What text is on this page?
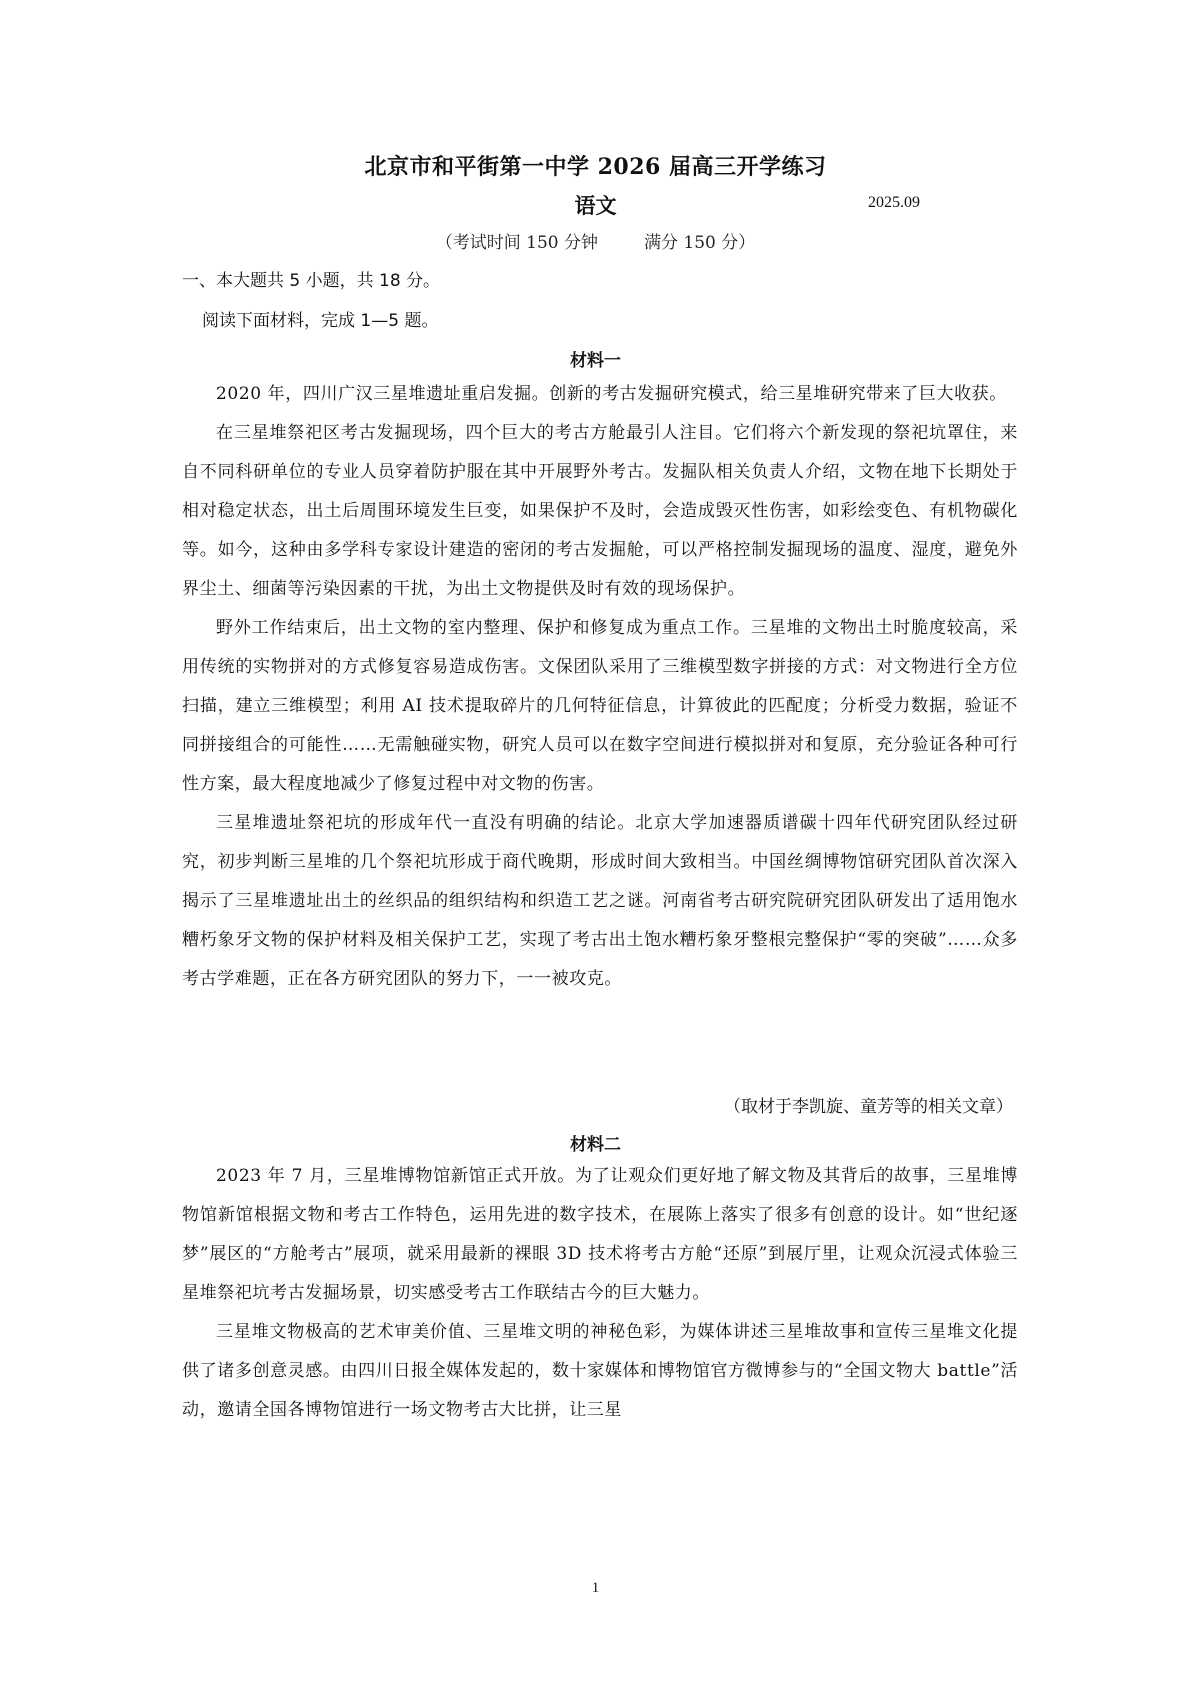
北京市和平街第一中学 2026 届高三开学练习
语文	2025.09
（考试时间 150 分钟	满分 150 分）
一、本大题共 5 小题，共 18 分。
阅读下面材料，完成 1—5 题。
材料一

2020 年，四川广汉三星堆遗址重启发掘。创新的考古发掘研究模式，给三星堆研究带来了巨大收获。

在三星堆祭祀区考古发掘现场，四个巨大的考古方舱最引人注目。它们将六个新发现的祭祀坑罩住，来自不同科研单位的专业人员穿着防护服在其中开展野外考古。发掘队相关负责人介绍，文物在地下长期处于相对稳定状态，出土后周围环境发生巨变，如果保护不及时，会造成毁灭性伤害，如彩绘变色、有机物碳化等。如今，这种由多学科专家设计建造的密闭的考古发掘舱，可以严格控制发掘现场的温度、湿度，避免外界尘土、细菌等污染因素的干扰，为出土文物提供及时有效的现场保护。

野外工作结束后，出土文物的室内整理、保护和修复成为重点工作。三星堆的文物出土时脆度较高，采用传统的实物拼对的方式修复容易造成伤害。文保团队采用了三维模型数字拼接的方式：对文物进行全方位扫描，建立三维模型；利用 AI 技术提取碎片的几何特征信息，计算彼此的匹配度；分析受力数据，验证不同拼接组合的可能性……无需触碰实物，研究人员可以在数字空间进行模拟拼对和复原，充分验证各种可行性方案，最大程度地减少了修复过程中对文物的伤害。

三星堆遗址祭祀坑的形成年代一直没有明确的结论。北京大学加速器质谱碳十四年代研究团队经过研究，初步判断三星堆的几个祭祀坑形成于商代晚期，形成时间大致相当。中国丝绸博物馆研究团队首次深入揭示了三星堆遗址出土的丝织品的组织结构和织造工艺之谜。河南省考古研究院研究团队研发出了适用饱水糟朽象牙文物的保护材料及相关保护工艺，实现了考古出土饱水糟朽象牙整根完整保护“零的突破”……众多考古学难题，正在各方研究团队的努力下，一一被攻克。

（取材于李凯旋、童芳等的相关文章）
材料二

2023 年 7 月，三星堆博物馆新馆正式开放。为了让观众们更好地了解文物及其背后的故事，三星堆博物馆新馆根据文物和考古工作特色，运用先进的数字技术，在展陈上落实了很多有创意的设计。如“世纪逐梦”展区的“方舱考古”展项，就采用最新的裸眼 3D 技术将考古方舱“还原”到展厅里，让观众沉浸式体验三星堆祭祀坑考古发掘场景，切实感受考古工作联结古今的巨大魅力。

三星堆文物极高的艺术审美价值、三星堆文明的神秘色彩，为媒体讲述三星堆故事和宣传三星堆文化提供了诸多创意灵感。由四川日报全媒体发起的，数十家媒体和博物馆官方微博参与的“全国文物大 battle”活动，邀请全国各博物馆进行一场文物考古大比拼，让三星

1
